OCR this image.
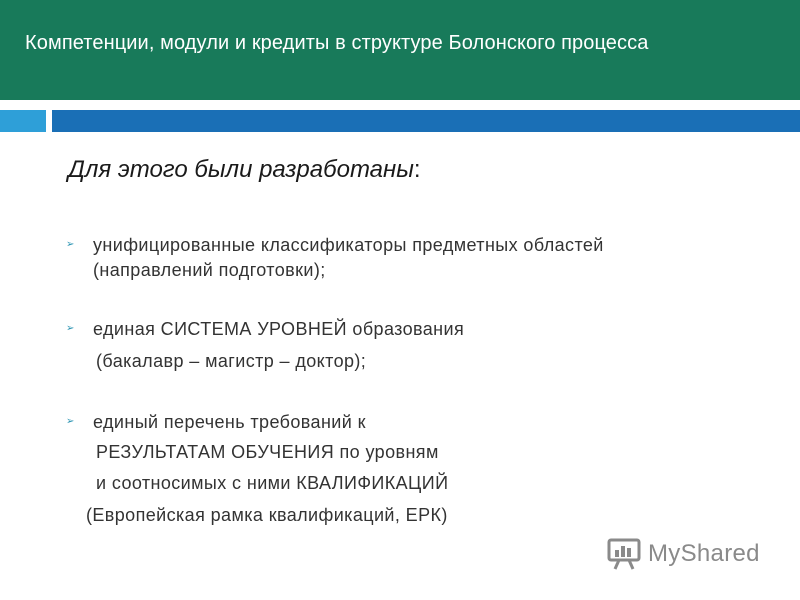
Компетенции, модули и кредиты в структуре Болонского процесса
Для этого были разработаны:
➢ унифицированные классификаторы предметных областей
(направлений подготовки);
➢ единая СИСТЕМА УРОВНЕЙ образования
(бакалавр – магистр – доктор);
➢ единый перечень требований к
РЕЗУЛЬТАТАМ ОБУЧЕНИЯ по уровням
и соотносимых с ними КВАЛИФИКАЦИЙ
(Европейская рамка квалификаций, ЕРК)
MyShared
